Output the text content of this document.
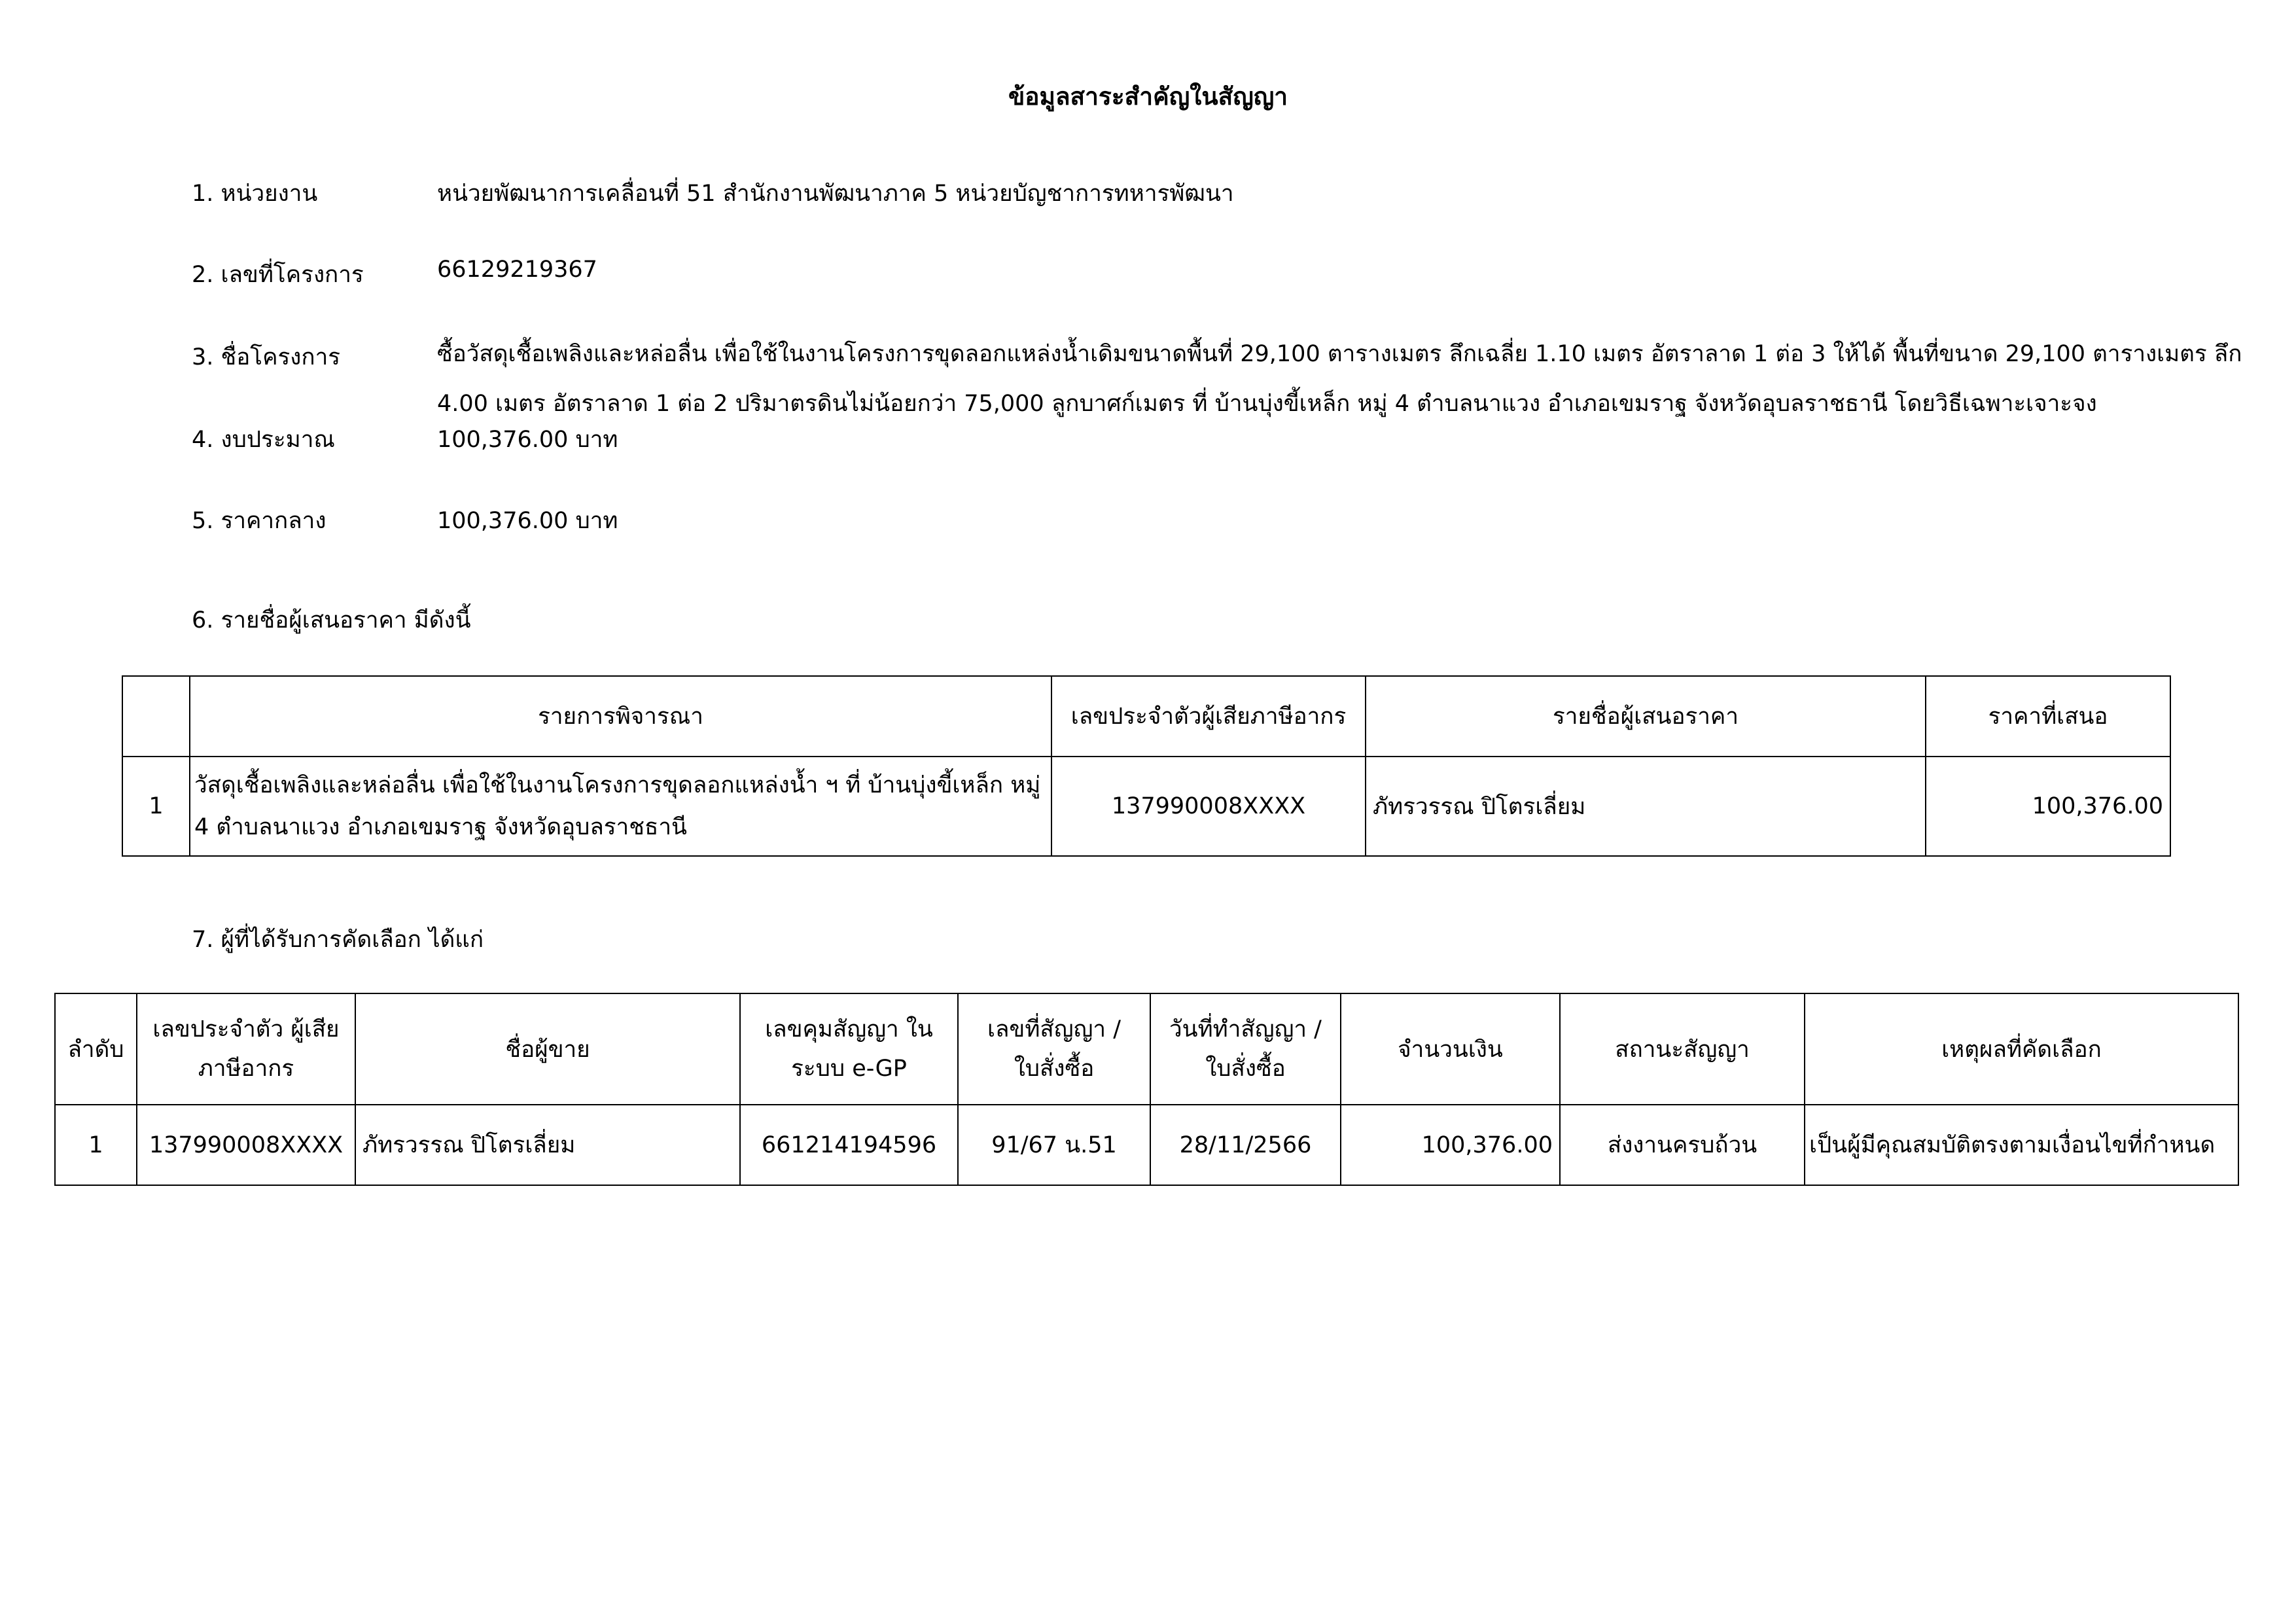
ข้อมูลสาระสำคัญในสัญญา
1. หน่วยงาน	หน่วยพัฒนาการเคลื่อนที่ 51 สำนักงานพัฒนาภาค 5 หน่วยบัญชาการทหารพัฒนา
2. เลขที่โครงการ	66129219367
3. ชื่อโครงการ	ซื้อวัสดุเชื้อเพลิงและหล่อลื่น เพื่อใช้ในงานโครงการขุดลอกแหล่งน้ำเดิมขนาดพื้นที่ 29,100 ตารางเมตร ลึกเฉลี่ย 1.10 เมตร อัตราลาด 1 ต่อ 3 ให้ได้ พื้นที่ขนาด 29,100 ตารางเมตร ลึก 4.00 เมตร อัตราลาด 1 ต่อ 2 ปริมาตรดินไม่น้อยกว่า 75,000 ลูกบาศก์เมตร ที่ บ้านบุ่งขี้เหล็ก หมู่ 4 ตำบลนาแวง อำเภอเขมราฐ จังหวัดอุบลราชธานี โดยวิธีเฉพาะเจาะจง
4. งบประมาณ	100,376.00 บาท
5. ราคากลาง	100,376.00 บาท
6. รายชื่อผู้เสนอราคา มีดังนี้
	รายการพิจารณา	เลขประจำตัวผู้เสียภาษีอากร	รายชื่อผู้เสนอราคา	ราคาที่เสนอ
1	วัสดุเชื้อเพลิงและหล่อลื่น เพื่อใช้ในงานโครงการขุดลอกแหล่งน้ำ ฯ ที่ บ้านบุ่งขี้เหล็ก หมู่ 4 ตำบลนาแวง อำเภอเขมราฐ จังหวัดอุบลราชธานี	137990008XXXX	ภัทรวรรณ ปิโตรเลี่ยม	100,376.00
7. ผู้ที่ได้รับการคัดเลือก ได้แก่
ลำดับ	เลขประจำตัว ผู้เสียภาษีอากร	ชื่อผู้ขาย	เลขคุมสัญญา ในระบบ e-GP	เลขที่สัญญา / ใบสั่งซื้อ	วันที่ทำสัญญา / ใบสั่งซื้อ	จำนวนเงิน	สถานะสัญญา	เหตุผลที่คัดเลือก
1	137990008XXXX	ภัทรวรรณ ปิโตรเลี่ยม	661214194596	91/67 น.51	28/11/2566	100,376.00	ส่งงานครบถ้วน	เป็นผู้มีคุณสมบัติตรงตามเงื่อนไขที่กำหนด
